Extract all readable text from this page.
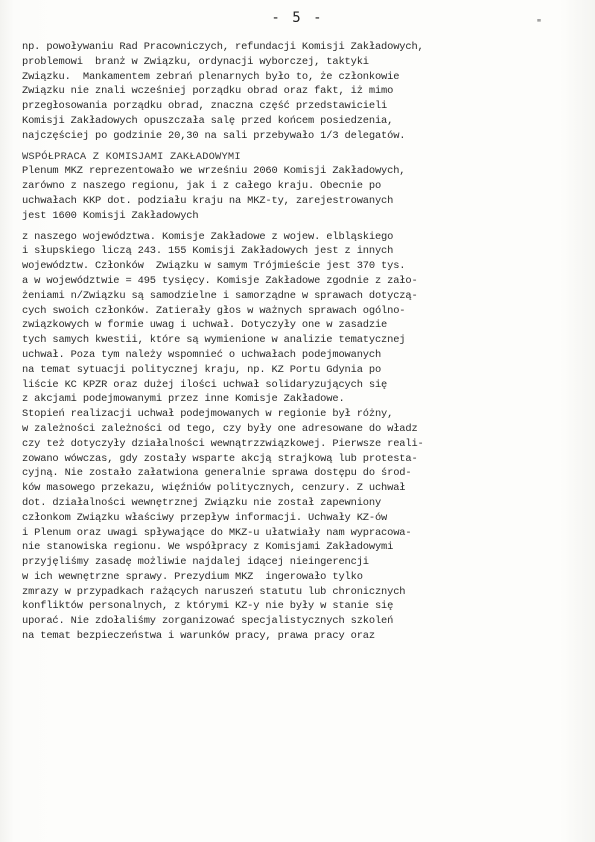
- 5 -	"
np. powoływaniu Rad Pracowniczych, refundacji Komisji Zakładowych,
problemowi  branż w Związku, ordynacji wyborczej, taktyki
Związku.  Mankamentem zebrań plenarnych było to, że członkowie
Związku nie znali wcześniej porządku obrad oraz fakt, iż mimo
przegłosowania porządku obrad, znaczna część przedstawicieli
Komisji Zakładowych opuszczała salę przed końcem posiedzenia,
najczęściej po godzinie 20,30 na sali przebywało 1/3 delegatów.
WSPÓŁPRACA Z KOMISJAMI ZAKŁADOWYMI
Plenum MKZ reprezentowało we wrześniu 2060 Komisji Zakładowych,
zarówno z naszego regionu, jak i z całego kraju. Obecnie po
uchwałach KKP dot. podziału kraju na MKZ-ty, zarejestrowanych
jest 1600 Komisji Zakładowych
z naszego województwa. Komisje Zakładowe z wojew. elbląskiego
i słupskiego liczą 243. 155 Komisji Zakładowych jest z innych
województw. Członków  Związku w samym Trójmieście jest 370 tys.
a w województwie = 495 tysięcy. Komisje Zakładowe zgodnie z zało-
żeniami n/Związku są samodzielne i samorządne w sprawach dotyczą-
cych swoich członków. Zatierały głos w ważnych sprawach ogólno-
związkowych w formie uwag i uchwał. Dotyczyły one w zasadzie
tych samych kwestii, które są wymienione w analizie tematycznej
uchwał. Poza tym należy wspomnieć o uchwałach podejmowanych
na temat sytuacji politycznej kraju, np. KZ Portu Gdynia po
liście KC KPZR oraz dużej ilości uchwał solidaryzujących się
z akcjami podejmowanymi przez inne Komisje Zakładowe.
Stopień realizacji uchwał podejmowanych w regionie był różny,
w zależności zależności od tego, czy były one adresowane do władz
czy też dotyczyły działalności wewnątrzzwiązkowej. Pierwsze reali-
zowano wówczas, gdy zostały wsparte akcją strajkową lub protesta-
cyjną. Nie zostało załatwiona generalnie sprawa dostępu do środ-
ków masowego przekazu, więźniów politycznych, cenzury. Z uchwał
dot. działalności wewnętrznej Związku nie został zapewniony
członkom Związku właściwy przepływ informacji. Uchwały KZ-ów
i Plenum oraz uwagi spływające do MKZ-u ułatwiały nam wypracowa-
nie stanowiska regionu. We współpracy z Komisjami Zakładowymi
przyjęliśmy zasadę możliwie najdalej idącej nieingerencji
w ich wewnętrzne sprawy. Prezydium MKZ  ingerowało tylko
zmrazy w przypadkach rażących naruszeń statutu lub chronicznych
konfliktów personalnych, z którymi KZ-y nie były w stanie się
uporać. Nie zdołaliśmy zorganizować specjalistycznych szkoleń
na temat bezpieczeństwa i warunków pracy, prawa pracy oraz
